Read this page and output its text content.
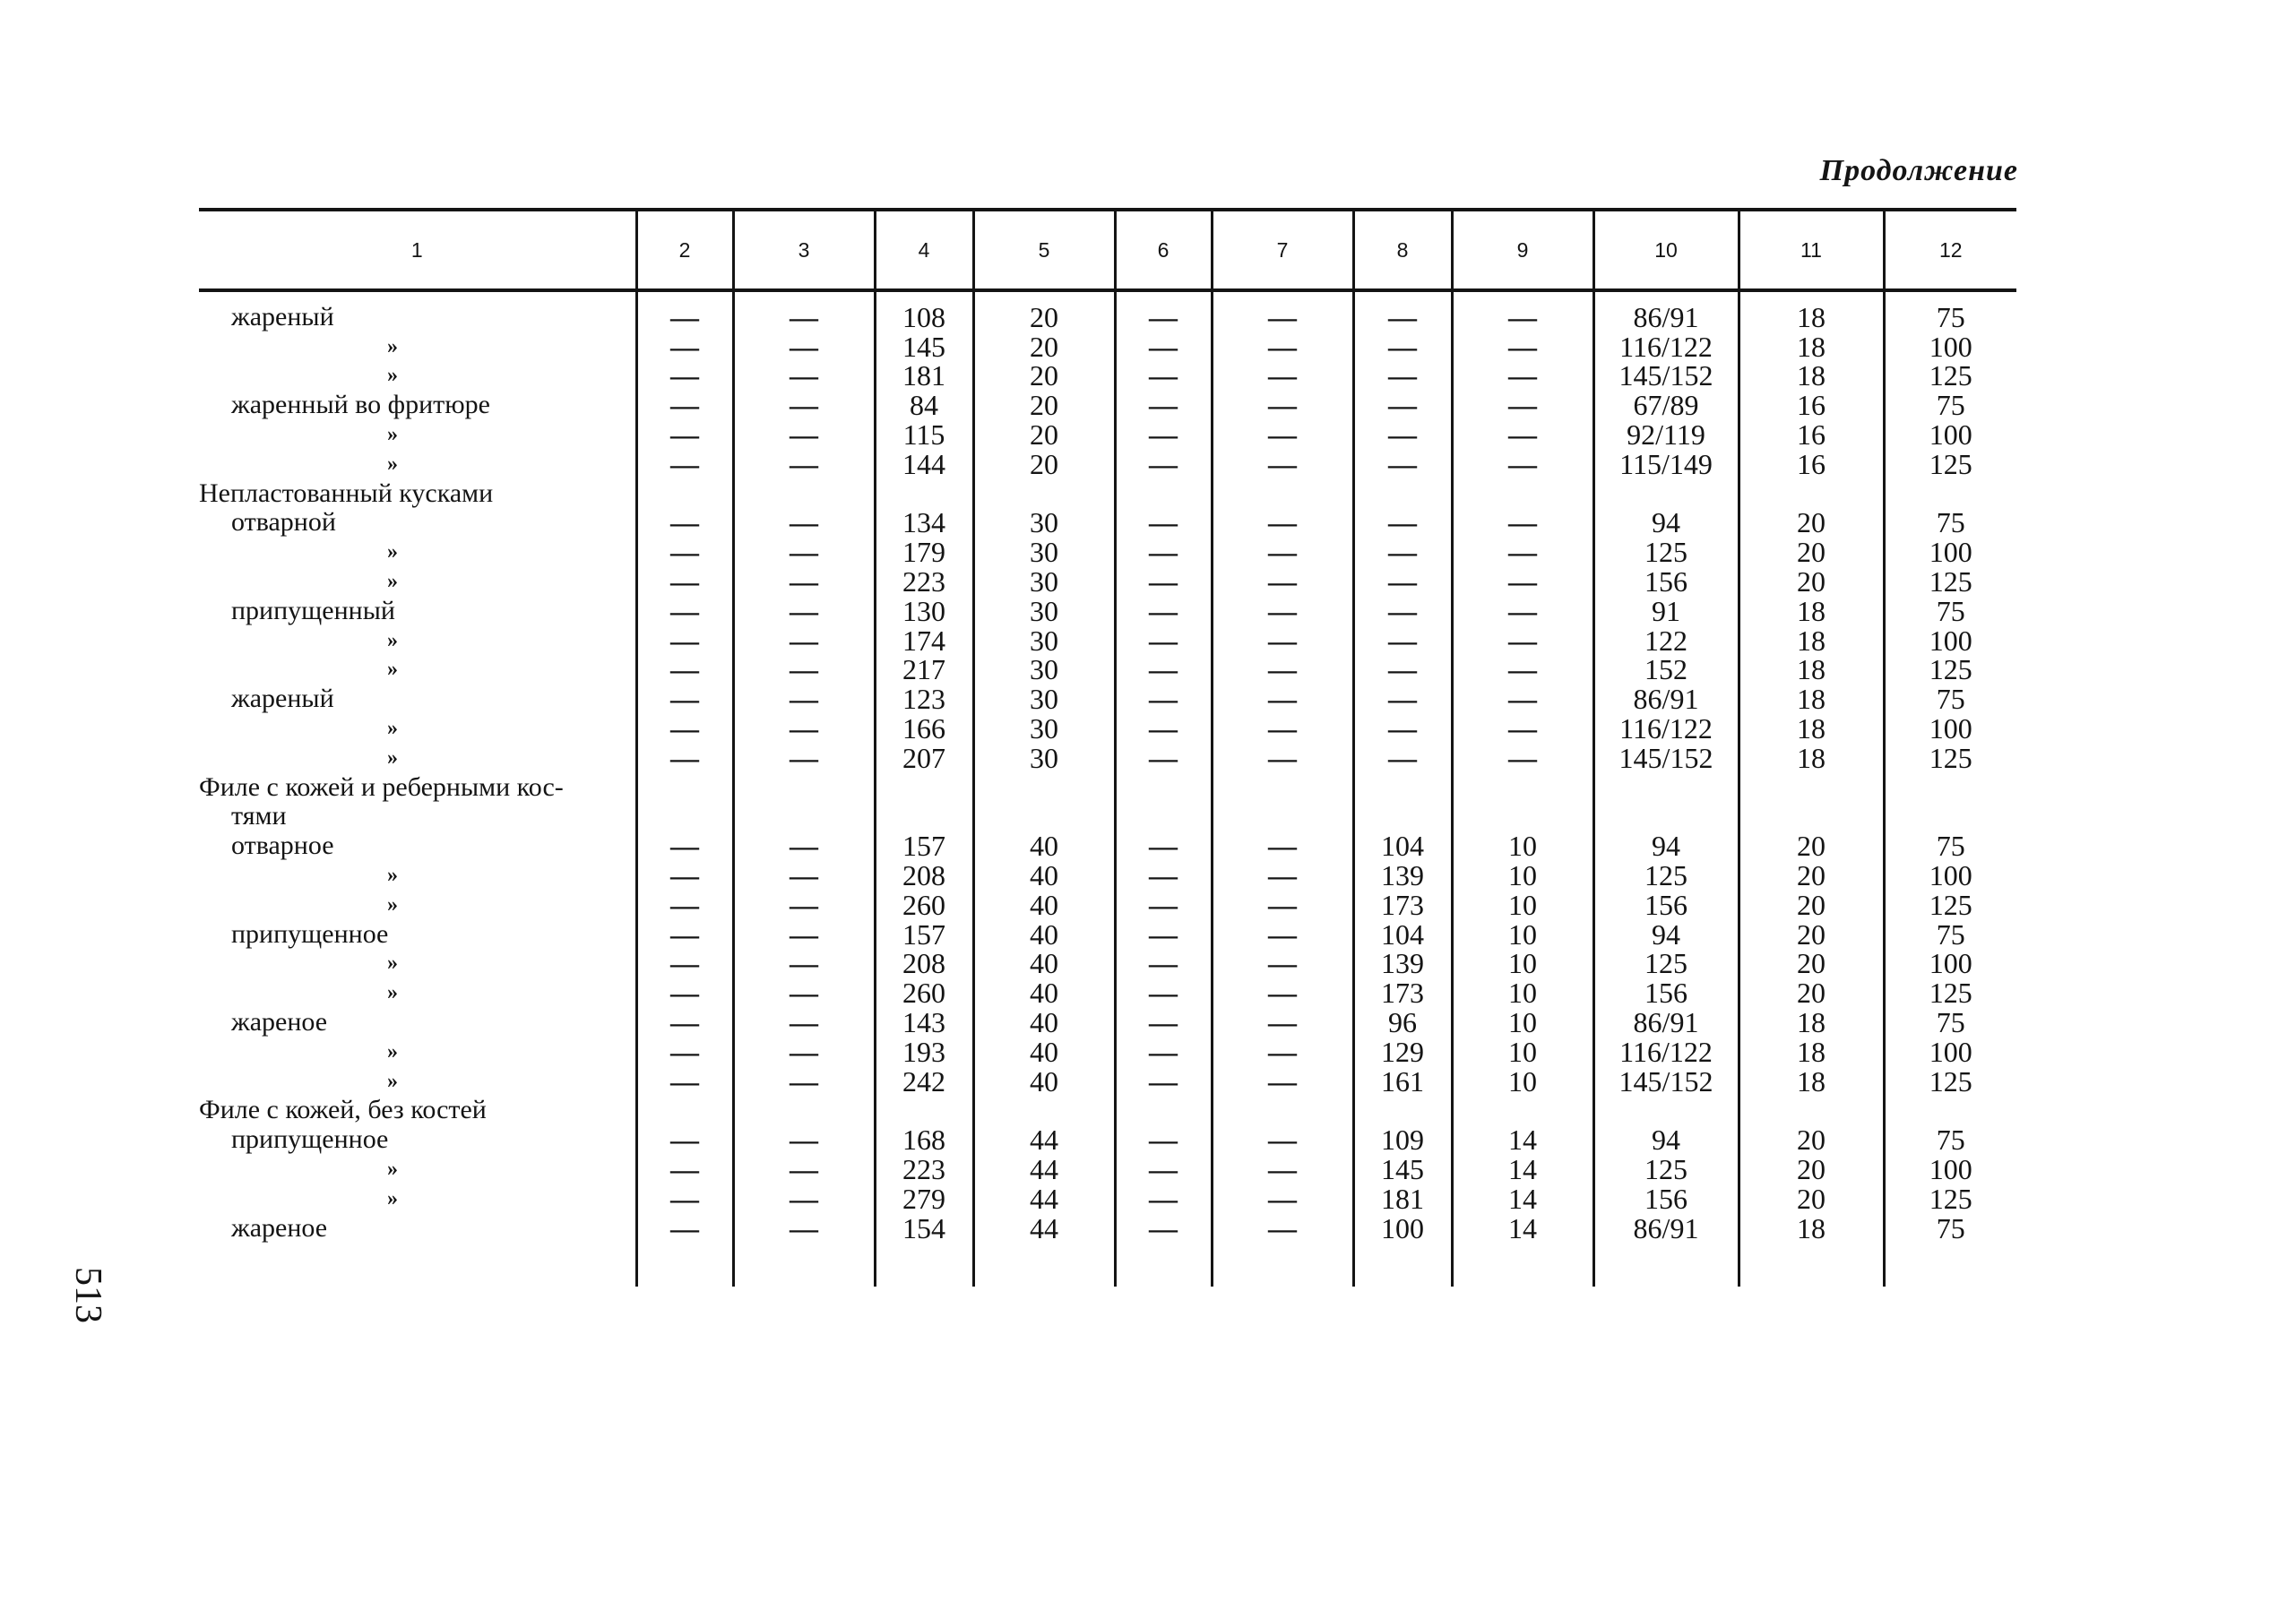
Продолжение
513
1	2	3	4	5	6	7	8	9	10	11	12
жареный	—	—	108	20	—	—	—	—	86/91	18	75
»	—	—	145	20	—	—	—	—	116/122	18	100
»	—	—	181	20	—	—	—	—	145/152	18	125
жаренный во фритюре	—	—	84	20	—	—	—	—	67/89	16	75
»	—	—	115	20	—	—	—	—	92/119	16	100
»	—	—	144	20	—	—	—	—	115/149	16	125
Непластованный кусками											
отварной	—	—	134	30	—	—	—	—	94	20	75
»	—	—	179	30	—	—	—	—	125	20	100
»	—	—	223	30	—	—	—	—	156	20	125
припущенный	—	—	130	30	—	—	—	—	91	18	75
»	—	—	174	30	—	—	—	—	122	18	100
»	—	—	217	30	—	—	—	—	152	18	125
жареный	—	—	123	30	—	—	—	—	86/91	18	75
»	—	—	166	30	—	—	—	—	116/122	18	100
»	—	—	207	30	—	—	—	—	145/152	18	125
Филе с кожей и реберными кос-											
тями											
отварное	—	—	157	40	—	—	104	10	94	20	75
»	—	—	208	40	—	—	139	10	125	20	100
»	—	—	260	40	—	—	173	10	156	20	125
припущенное	—	—	157	40	—	—	104	10	94	20	75
»	—	—	208	40	—	—	139	10	125	20	100
»	—	—	260	40	—	—	173	10	156	20	125
жареное	—	—	143	40	—	—	96	10	86/91	18	75
»	—	—	193	40	—	—	129	10	116/122	18	100
»	—	—	242	40	—	—	161	10	145/152	18	125
Филе с кожей, без костей											
припущенное	—	—	168	44	—	—	109	14	94	20	75
»	—	—	223	44	—	—	145	14	125	20	100
»	—	—	279	44	—	—	181	14	156	20	125
жареное	—	—	154	44	—	—	100	14	86/91	18	75
